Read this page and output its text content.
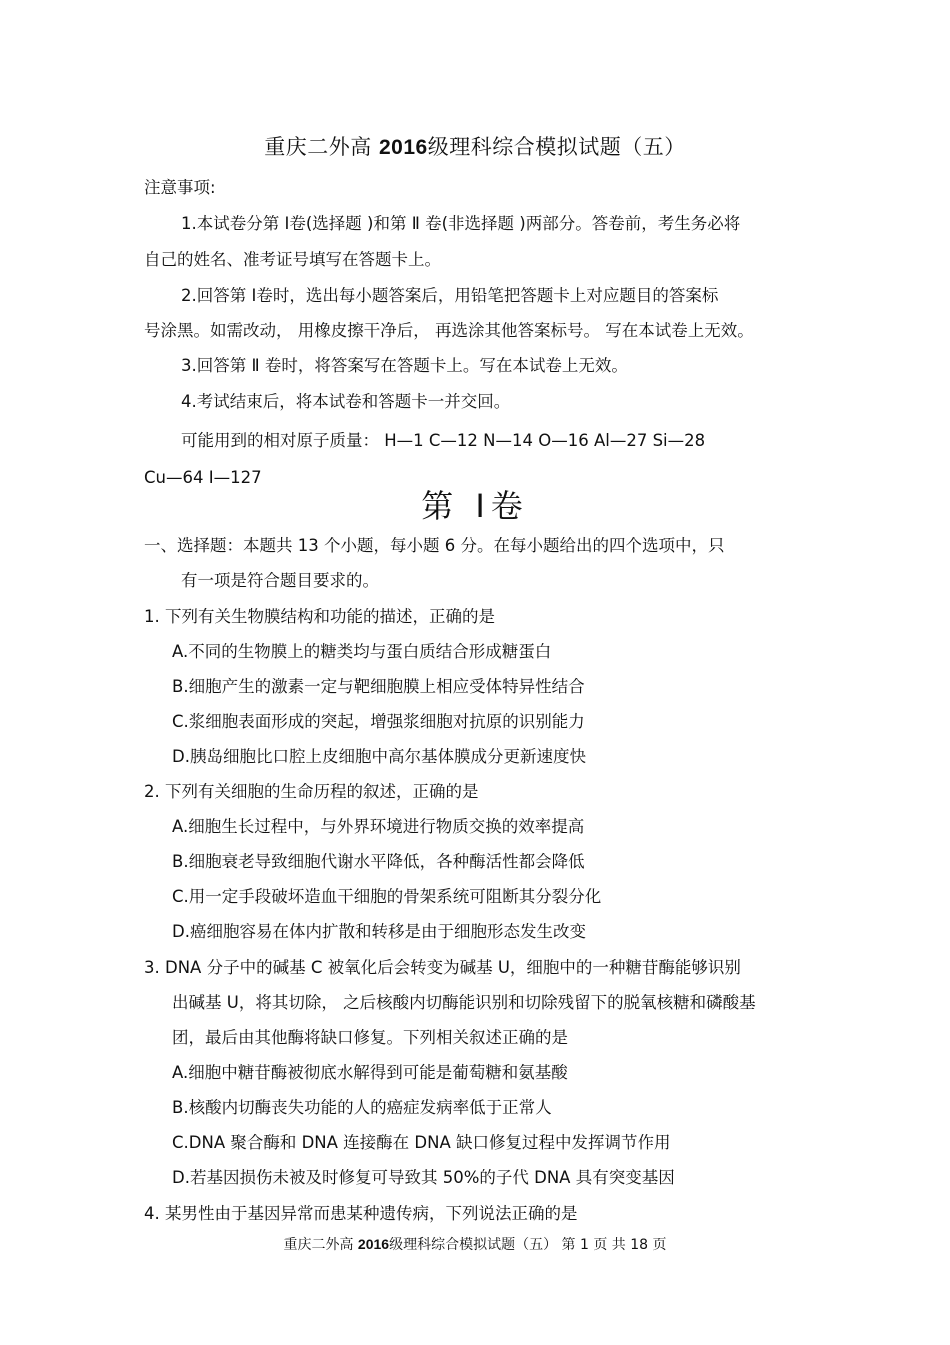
重庆二外高 2016级理科综合模拟试题（五）
注意事项:
1.本试卷分第 Ⅰ卷(选择题 )和第 Ⅱ 卷(非选择题 )两部分。答卷前，考生务必将
自己的姓名、准考证号填写在答题卡上。
2.回答第 Ⅰ卷时，选出每小题答案后，用铅笔把答题卡上对应题目的答案标
号涂黑。如需改动， 用橡皮擦干净后， 再选涂其他答案标号。 写在本试卷上无效。
3.回答第 Ⅱ 卷时，将答案写在答题卡上。写在本试卷上无效。
4.考试结束后，将本试卷和答题卡一并交回。
可能用到的相对原子质量： H—1 C—12 N—14 O—16 Al—27 Si—28
Cu—64 I—127
第 Ⅰ卷
一、选择题：本题共 13 个小题，每小题 6 分。在每小题给出的四个选项中，只
有一项是符合题目要求的。
1. 下列有关生物膜结构和功能的描述，正确的是
A.不同的生物膜上的糖类均与蛋白质结合形成糖蛋白
B.细胞产生的激素一定与靶细胞膜上相应受体特异性结合
C.浆细胞表面形成的突起，增强浆细胞对抗原的识别能力
D.胰岛细胞比口腔上皮细胞中高尔基体膜成分更新速度快
2. 下列有关细胞的生命历程的叙述，正确的是
A.细胞生长过程中，与外界环境进行物质交换的效率提高
B.细胞衰老导致细胞代谢水平降低，各种酶活性都会降低
C.用一定手段破坏造血干细胞的骨架系统可阻断其分裂分化
D.癌细胞容易在体内扩散和转移是由于细胞形态发生改变
3. DNA 分子中的碱基 C 被氧化后会转变为碱基 U，细胞中的一种糖苷酶能够识别
出碱基 U，将其切除， 之后核酸内切酶能识别和切除残留下的脱氧核糖和磷酸基
团，最后由其他酶将缺口修复。下列相关叙述正确的是
A.细胞中糖苷酶被彻底水解得到可能是葡萄糖和氨基酸
B.核酸内切酶丧失功能的人的癌症发病率低于正常人
C.DNA 聚合酶和 DNA 连接酶在 DNA 缺口修复过程中发挥调节作用
D.若基因损伤未被及时修复可导致其 50%的子代 DNA 具有突变基因
4. 某男性由于基因异常而患某种遗传病，下列说法正确的是
重庆二外高 2016级理科综合模拟试题（五） 第 1 页 共 18 页
